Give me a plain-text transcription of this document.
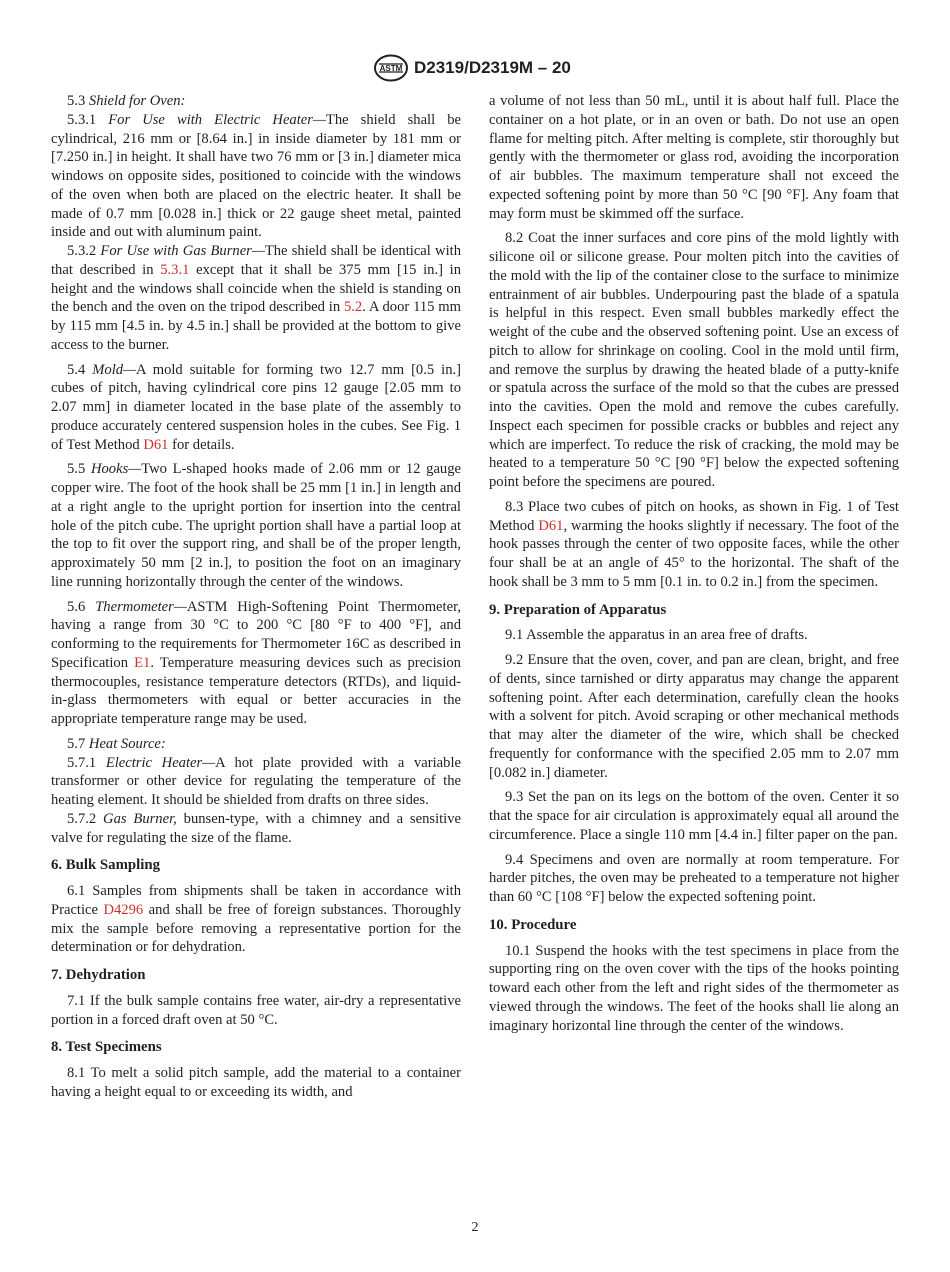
ASTM D2319/D2319M – 20

5.3 Shield for Oven:

5.3.1 For Use with Electric Heater—The shield shall be cylindrical, 216 mm or [8.64 in.] in inside diameter by 181 mm or [7.250 in.] in height. It shall have two 76 mm or [3 in.] diameter mica windows on opposite sides, positioned to coincide with the windows of the oven when both are placed on the electric heater. It shall be made of 0.7 mm [0.028 in.] thick or 22 gauge sheet metal, painted inside and out with aluminum paint.

5.3.2 For Use with Gas Burner—The shield shall be identical with that described in 5.3.1 except that it shall be 375 mm [15 in.] in height and the windows shall coincide when the shield is standing on the bench and the oven on the tripod described in 5.2. A door 115 mm by 115 mm [4.5 in. by 4.5 in.] shall be provided at the bottom to give access to the burner.

5.4 Mold—A mold suitable for forming two 12.7 mm [0.5 in.] cubes of pitch, having cylindrical core pins 12 gauge [2.05 mm to 2.07 mm] in diameter located in the base plate of the assembly to produce accurately centered suspension holes in the cubes. See Fig. 1 of Test Method D61 for details.

5.5 Hooks—Two L-shaped hooks made of 2.06 mm or 12 gauge copper wire. The foot of the hook shall be 25 mm [1 in.] in length and at a right angle to the upright portion for insertion into the central hole of the pitch cube. The upright portion shall have a partial loop at the top to fit over the support ring, and shall be of the proper length, approximately 50 mm [2 in.], to position the foot on an imaginary line running horizontally through the center of the windows.

5.6 Thermometer—ASTM High-Softening Point Thermometer, having a range from 30 °C to 200 °C [80 °F to 400 °F], and conforming to the requirements for Thermometer 16C as described in Specification E1. Temperature measuring devices such as precision thermocouples, resistance temperature detectors (RTDs), and liquid-in-glass thermometers with equal or better accuracies in the appropriate temperature range may be used.

5.7 Heat Source:

5.7.1 Electric Heater—A hot plate provided with a variable transformer or other device for regulating the temperature of the heating element. It should be shielded from drafts on three sides.

5.7.2 Gas Burner, bunsen-type, with a chimney and a sensitive valve for regulating the size of the flame.

6. Bulk Sampling

6.1 Samples from shipments shall be taken in accordance with Practice D4296 and shall be free of foreign substances. Thoroughly mix the sample before removing a representative portion for the determination or for dehydration.

7. Dehydration

7.1 If the bulk sample contains free water, air-dry a representative portion in a forced draft oven at 50 °C.

8. Test Specimens

8.1 To melt a solid pitch sample, add the material to a container having a height equal to or exceeding its width, and

a volume of not less than 50 mL, until it is about half full. Place the container on a hot plate, or in an oven or bath. Do not use an open flame for melting pitch. After melting is complete, stir thoroughly but gently with the thermometer or glass rod, avoiding the incorporation of air bubbles. The maximum temperature shall not exceed the expected softening point by more than 50 °C [90 °F]. Any foam that may form must be skimmed off the surface.

8.2 Coat the inner surfaces and core pins of the mold lightly with silicone oil or silicone grease. Pour molten pitch into the cavities of the mold with the lip of the container close to the surface to minimize entrainment of air bubbles. Underpouring past the blade of a spatula is helpful in this respect. Even small bubbles markedly effect the weight of the cube and the observed softening point. Use an excess of pitch to allow for shrinkage on cooling. Cool in the mold until firm, and remove the surplus by drawing the heated blade of a putty-knife or spatula across the surface of the mold so that the cubes are pressed into the cavities. Open the mold and remove the cubes carefully. Inspect each specimen for possible cracks or bubbles and reject any which are imperfect. To reduce the risk of cracking, the mold may be heated to a temperature 50 °C [90 °F] below the expected softening point before the specimens are poured.

8.3 Place two cubes of pitch on hooks, as shown in Fig. 1 of Test Method D61, warming the hooks slightly if necessary. The foot of the hook passes through the center of two opposite faces, while the other four shall be at an angle of 45° to the horizontal. The shaft of the hook shall be 3 mm to 5 mm [0.1 in. to 0.2 in.] from the specimen.

9. Preparation of Apparatus

9.1 Assemble the apparatus in an area free of drafts.

9.2 Ensure that the oven, cover, and pan are clean, bright, and free of dents, since tarnished or dirty apparatus may change the apparent softening point. After each determination, carefully clean the hooks with a solvent for pitch. Avoid scraping or other mechanical methods that may alter the diameter of the wire, which shall be checked frequently for conformance with the specified 2.05 mm to 2.07 mm [0.082 in.] diameter.

9.3 Set the pan on its legs on the bottom of the oven. Center it so that the space for air circulation is approximately equal all around the circumference. Place a single 110 mm [4.4 in.] filter paper on the pan.

9.4 Specimens and oven are normally at room temperature. For harder pitches, the oven may be preheated to a temperature not higher than 60 °C [108 °F] below the expected softening point.

10. Procedure

10.1 Suspend the hooks with the test specimens in place from the supporting ring on the oven cover with the tips of the hooks pointing toward each other from the left and right sides of the thermometer as viewed through the windows. The feet of the hooks shall lie along an imaginary horizontal line through the center of the windows.

2
